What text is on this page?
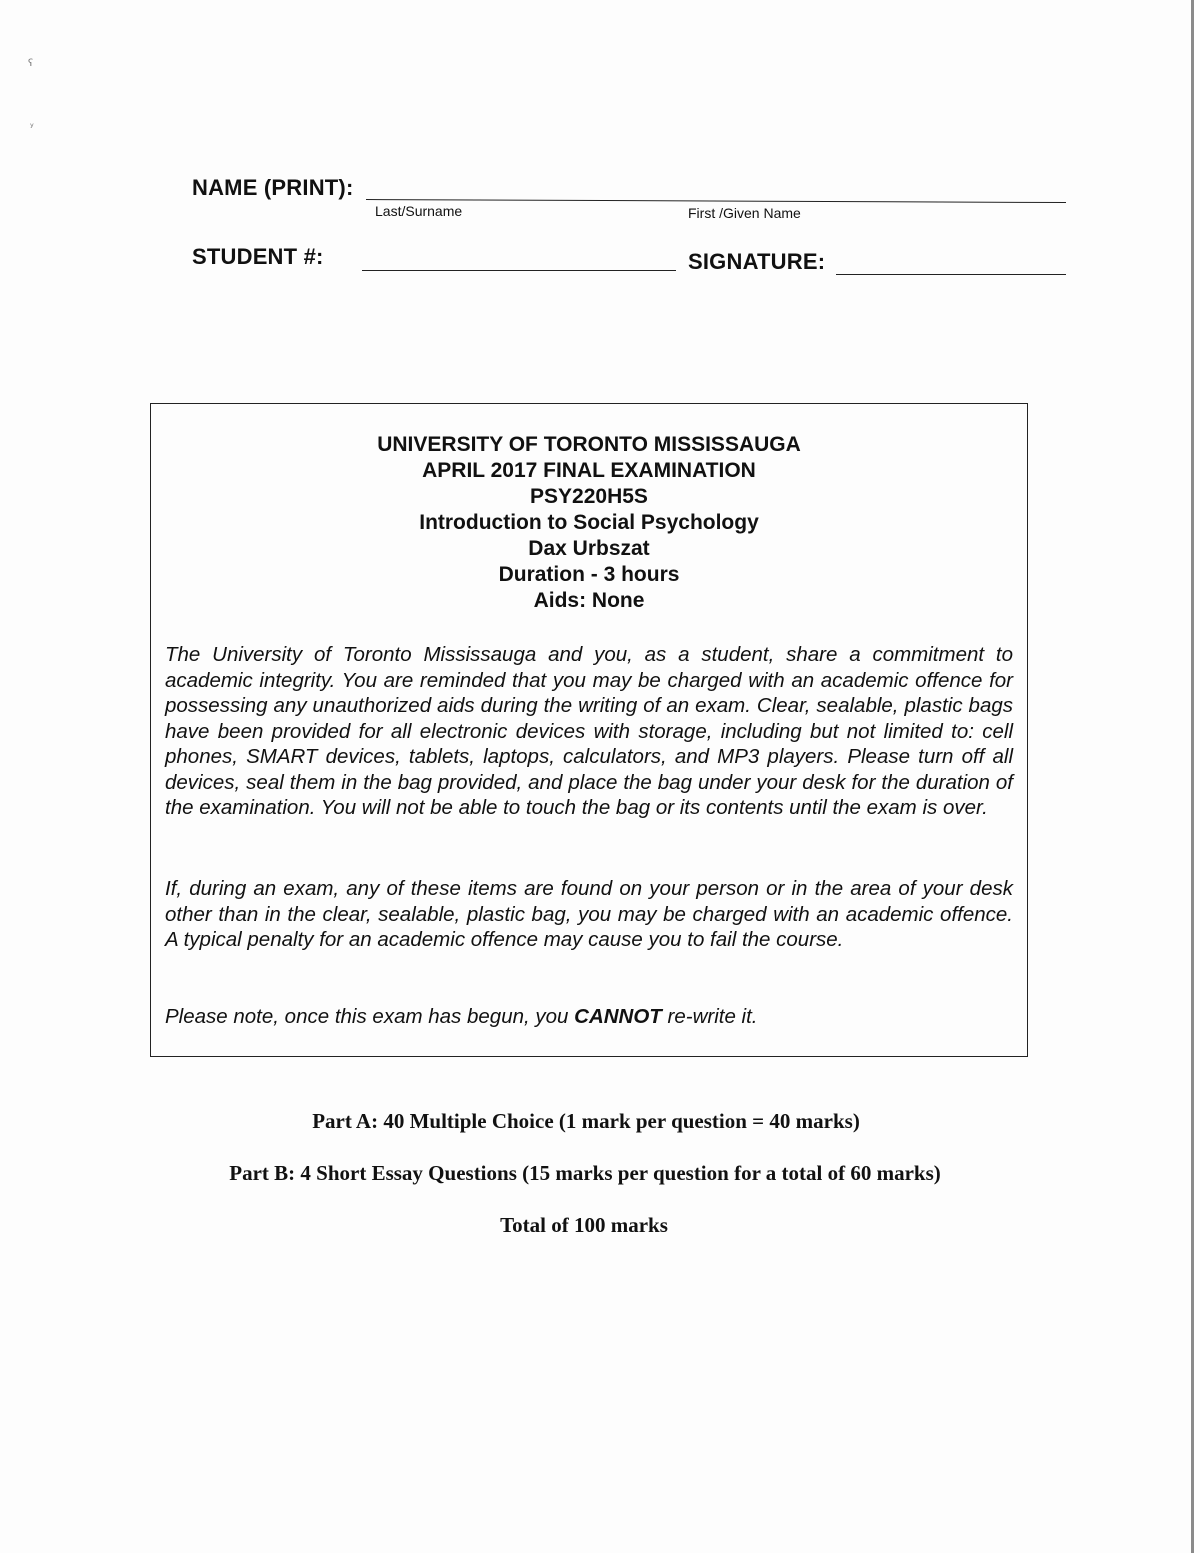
ʕ
ʸ
NAME (PRINT):
Last/Surname	First /Given Name
STUDENT #:	SIGNATURE:
UNIVERSITY OF TORONTO MISSISSAUGA
APRIL 2017 FINAL EXAMINATION
PSY220H5S
Introduction to Social Psychology
Dax Urbszat
Duration - 3 hours
Aids: None
The University of Toronto Mississauga and you, as a student, share a commitment to academic integrity. You are reminded that you may be charged with an academic offence for possessing any unauthorized aids during the writing of an exam. Clear, sealable, plastic bags have been provided for all electronic devices with storage, including but not limited to: cell phones, SMART devices, tablets, laptops, calculators, and MP3 players. Please turn off all devices, seal them in the bag provided, and place the bag under your desk for the duration of the examination. You will not be able to touch the bag or its contents until the exam is over.
If, during an exam, any of these items are found on your person or in the area of your desk other than in the clear, sealable, plastic bag, you may be charged with an academic offence. A typical penalty for an academic offence may cause you to fail the course.
Please note, once this exam has begun, you CANNOT re-write it.
Part A: 40 Multiple Choice (1 mark per question = 40 marks)
Part B: 4 Short Essay Questions (15 marks per question for a total of 60 marks)
Total of 100 marks
